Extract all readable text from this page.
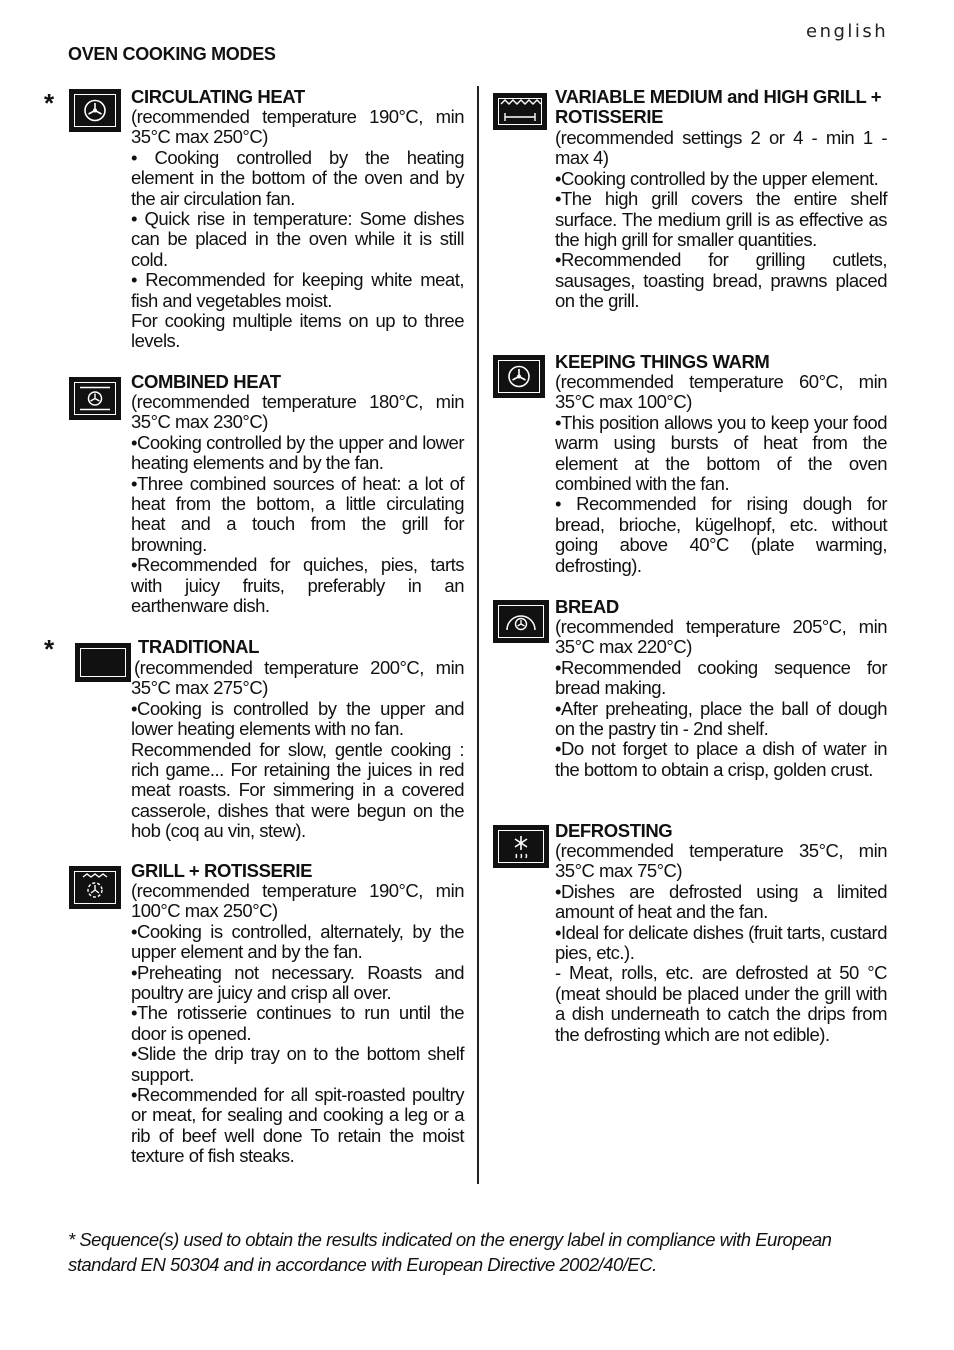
english
OVEN COOKING MODES
*	CIRCULATING HEAT

(recommended temperature 190°C, min 35°C max 250°C)
• Cooking controlled by the heating element in the bottom of the oven and by the air circulation fan.
• Quick rise in temperature: Some dishes can be placed in the oven while it is still cold.
• Recommended for keeping white meat, fish and vegetables moist.
For cooking multiple items on up to three levels.

COMBINED HEAT

(recommended temperature 180°C, min 35°C max 230°C)
•Cooking controlled by the upper and lower heating elements and by the fan.
•Three combined sources of heat: a lot of heat from the bottom, a little circulating heat and a touch from the grill for browning.
•Recommended for quiches, pies, tarts with juicy fruits, preferably in an earthenware dish.

*	TRADITIONAL

(recommended temperature 200°C, min 35°C max 275°C)
•Cooking is controlled by the upper and lower heating elements with no fan.
Recommended for slow, gentle cooking : rich game... For retaining the juices in red meat roasts. For simmering in a covered casserole, dishes that were begun on the hob (coq au vin, stew).

GRILL + ROTISSERIE

(recommended temperature 190°C, min 100°C max 250°C)
•Cooking is controlled, alternately, by the upper element and by the fan.
•Preheating not necessary. Roasts and poultry are juicy and crisp all over.
•The rotisserie continues to run until the door is opened.
•Slide the drip tray on to the bottom shelf support.
•Recommended for all spit-roasted poultry or meat, for sealing and cooking a leg or a rib of beef well done To retain the moist texture of fish steaks.

VARIABLE MEDIUM and HIGH GRILL + ROTISSERIE

(recommended settings 2 or 4 - min 1 - max 4)
•Cooking controlled by the upper element.
•The high grill covers the entire shelf surface. The medium grill is as effective as the high grill for smaller quantities.
•Recommended for grilling cutlets, sausages, toasting bread, prawns placed on the grill.

KEEPING THINGS WARM

(recommended temperature 60°C, min 35°C max 100°C)
•This position allows you to keep your food warm using bursts of heat from the element at the bottom of the oven combined with the fan.
• Recommended for rising dough for bread, brioche, kügelhopf, etc. without going above 40°C (plate warming, defrosting).

BREAD

(recommended temperature 205°C, min 35°C max 220°C)
•Recommended cooking sequence for bread making.
•After preheating, place the ball of dough on the pastry tin - 2nd shelf.
•Do not forget to place a dish of water in the bottom to obtain a crisp, golden crust.

DEFROSTING

(recommended temperature 35°C, min 35°C max 75°C)
•Dishes are defrosted using a limited amount of heat and the fan.
•Ideal for delicate dishes (fruit tarts, custard pies, etc.).
- Meat, rolls, etc. are defrosted at 50 °C (meat should be placed under the grill with a dish underneath to catch the drips from the defrosting which are not edible).

* Sequence(s) used to obtain the results indicated on the energy label in compliance with European standard EN 50304 and in accordance with European Directive 2002/40/EC.
